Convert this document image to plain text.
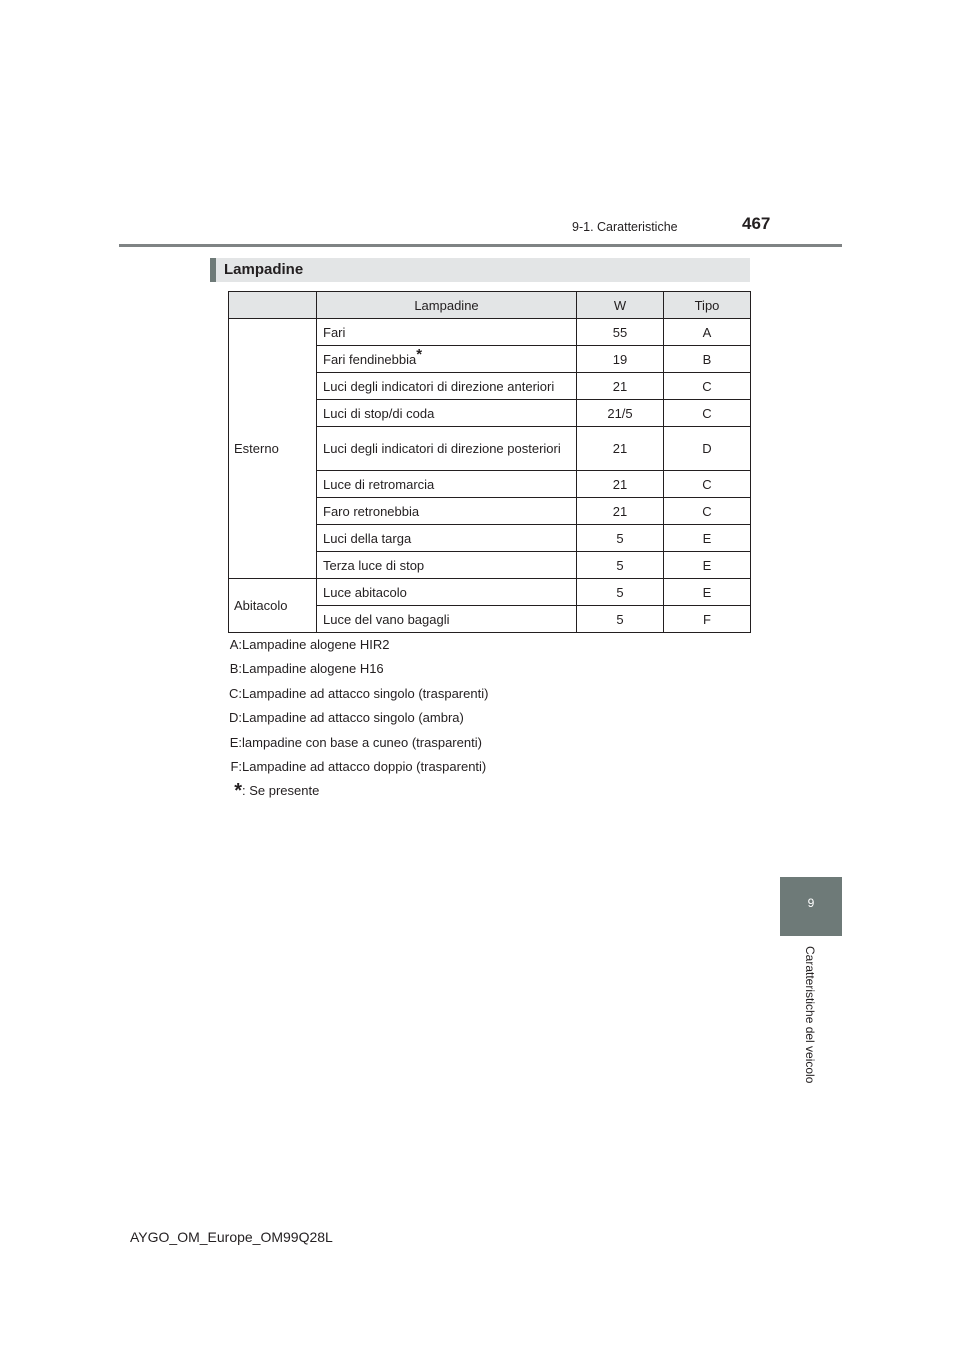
9-1. Caratteristiche	467
Lampadine
	Lampadine	W	Tipo
Esterno	Fari	55	A
	Fari fendinebbia*	19	B
	Luci degli indicatori di direzione anteriori	21	C
	Luci di stop/di coda	21/5	C
	Luci degli indicatori di direzione posteriori	21	D
	Luce di retromarcia	21	C
	Faro retronebbia	21	C
	Luci della targa	5	E
	Terza luce di stop	5	E
Abitacolo	Luce abitacolo	5	E
	Luce del vano bagagli	5	F
A: Lampadine alogene HIR2
B: Lampadine alogene H16
C: Lampadine ad attacco singolo (trasparenti)
D: Lampadine ad attacco singolo (ambra)
E: lampadine con base a cuneo (trasparenti)
F: Lampadine ad attacco doppio (trasparenti)
* : Se presente
9
Caratteristiche del veicolo
AYGO_OM_Europe_OM99Q28L
